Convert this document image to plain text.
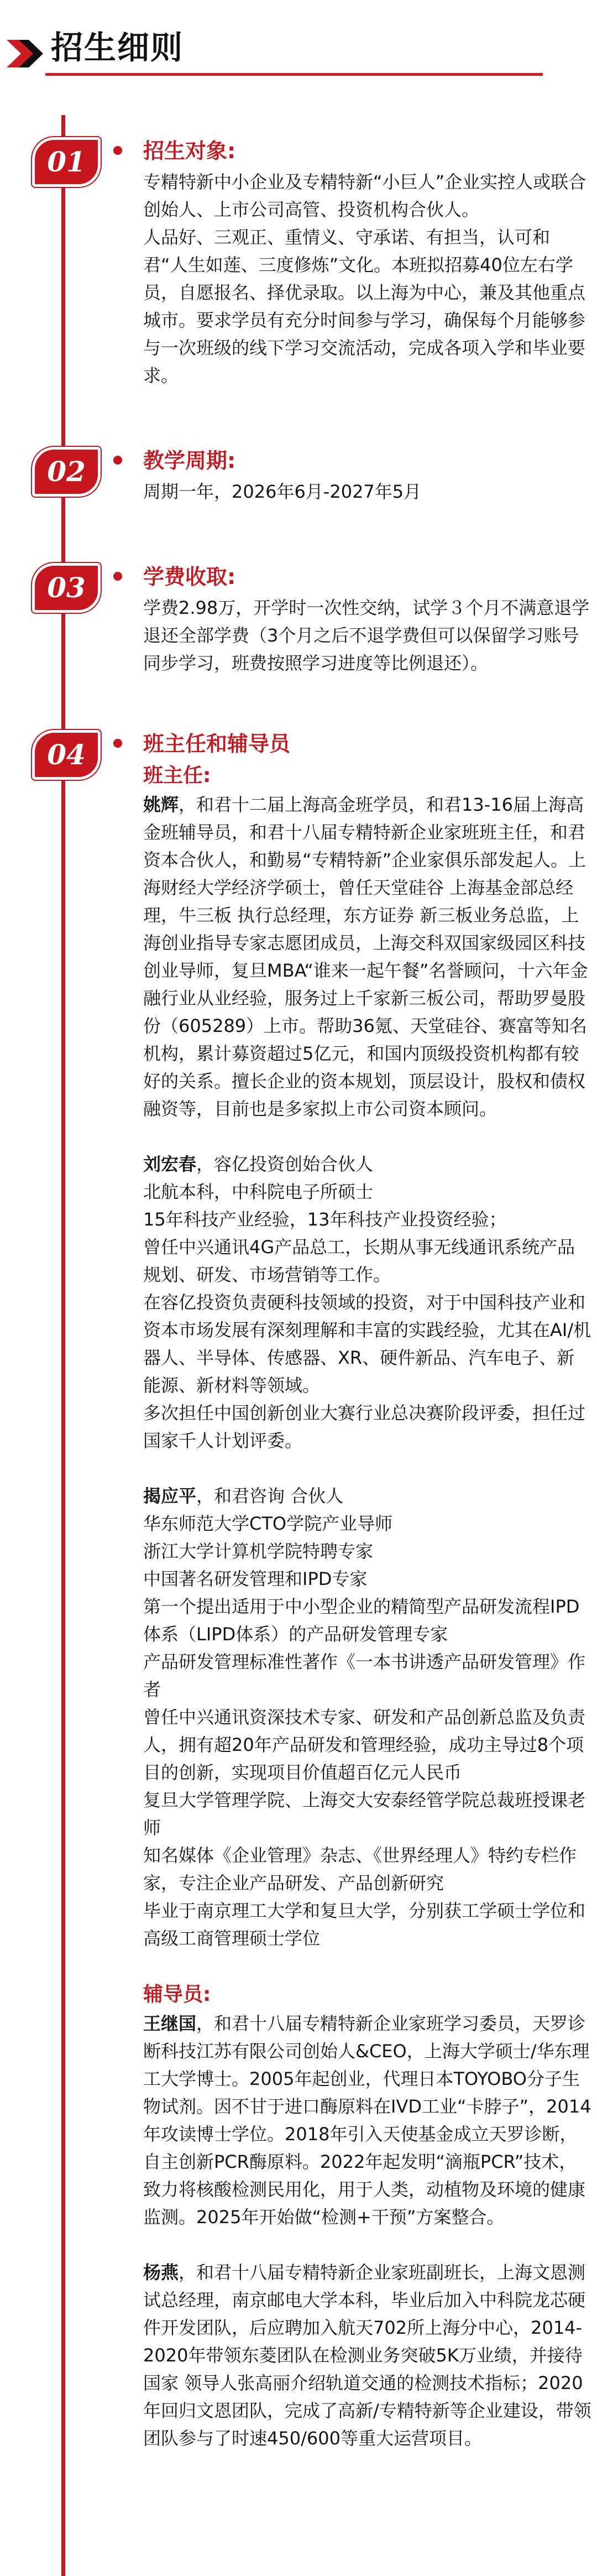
招生细则
01	招生对象:

专精特新中小企业及专精特新“小巨人”企业实控人或联合创始人、上市公司高管、投资机构合伙人。

人品好、三观正、重情义、守承诺、有担当，认可和君“人生如莲、三度修炼”文化。本班拟招募40位左右学员，自愿报名、择优录取。以上海为中心，兼及其他重点城市。要求学员有充分时间参与学习，确保每个月能够参与一次班级的线下学习交流活动，完成各项入学和毕业要求。

02	教学周期:

周期一年，2026年6月-2027年5月

03	学费收取:

学费2.98万，开学时一次性交纳，试学３个月不满意退学退还全部学费（3个月之后不退学费但可以保留学习账号同步学习，班费按照学习进度等比例退还）。

04	班主任和辅导员

班主任:

姚辉，和君十二届上海高金班学员，和君13-16届上海高金班辅导员，和君十八届专精特新企业家班班主任，和君资本合伙人，和勤易“专精特新”企业家俱乐部发起人。上海财经大学经济学硕士，曾任天堂硅谷 上海基金部总经理，牛三板 执行总经理，东方证券 新三板业务总监，上海创业指导专家志愿团成员，上海交科双国家级园区科技创业导师，复旦MBA“谁来一起午餐”名誉顾问，十六年金融行业从业经验，服务过上千家新三板公司，帮助罗曼股份（605289）上市。帮助36氪、天堂硅谷、赛富等知名机构，累计募资超过5亿元，和国内顶级投资机构都有较好的关系。擅长企业的资本规划，顶层设计，股权和债权融资等，目前也是多家拟上市公司资本顾问。

刘宏春，容亿投资创始合伙人

北航本科，中科院电子所硕士

15年科技产业经验，13年科技产业投资经验；

曾任中兴通讯4G产品总工，长期从事无线通讯系统产品规划、研发、市场营销等工作。

在容亿投资负责硬科技领域的投资，对于中国科技产业和资本市场发展有深刻理解和丰富的实践经验，尤其在AI/机器人、半导体、传感器、XR、硬件新品、汽车电子、新能源、新材料等领域。

多次担任中国创新创业大赛行业总决赛阶段评委，担任过国家千人计划评委。

揭应平，和君咨询 合伙人

华东师范大学CTO学院产业导师

浙江大学计算机学院特聘专家

中国著名研发管理和IPD专家

第一个提出适用于中小型企业的精简型产品研发流程IPD体系（LIPD体系）的产品研发管理专家

产品研发管理标准性著作《一本书讲透产品研发管理》作者

曾任中兴通讯资深技术专家、研发和产品创新总监及负责人，拥有超20年产品研发和管理经验，成功主导过8个项目的创新，实现项目价值超百亿元人民币

复旦大学管理学院、上海交大安泰经管学院总裁班授课老师

知名媒体《企业管理》杂志、《世界经理人》特约专栏作家，专注企业产品研发、产品创新研究

毕业于南京理工大学和复旦大学，分别获工学硕士学位和高级工商管理硕士学位

辅导员:

王继国，和君十八届专精特新企业家班学习委员，天罗诊断科技江苏有限公司创始人&CEO，上海大学硕士/华东理工大学博士。2005年起创业，代理日本TOYOBO分子生物试剂。因不甘于进口酶原料在IVD工业“卡脖子”，2014年攻读博士学位。2018年引入天使基金成立天罗诊断，自主创新PCR酶原料。2022年起发明“滴瓶PCR”技术，致力将核酸检测民用化，用于人类，动植物及环境的健康监测。2025年开始做“检测+干预”方案整合。

杨燕，和君十八届专精特新企业家班副班长，上海文恩测试总经理，南京邮电大学本科，毕业后加入中科院龙芯硬件开发团队，后应聘加入航天702所上海分中心，2014-2020年带领东菱团队在检测业务突破5K万业绩，并接待国家 领导人张高丽介绍轨道交通的检测技术指标；2020年回归文恩团队，完成了高新/专精特新等企业建设，带领团队参与了时速450/600等重大运营项目。
